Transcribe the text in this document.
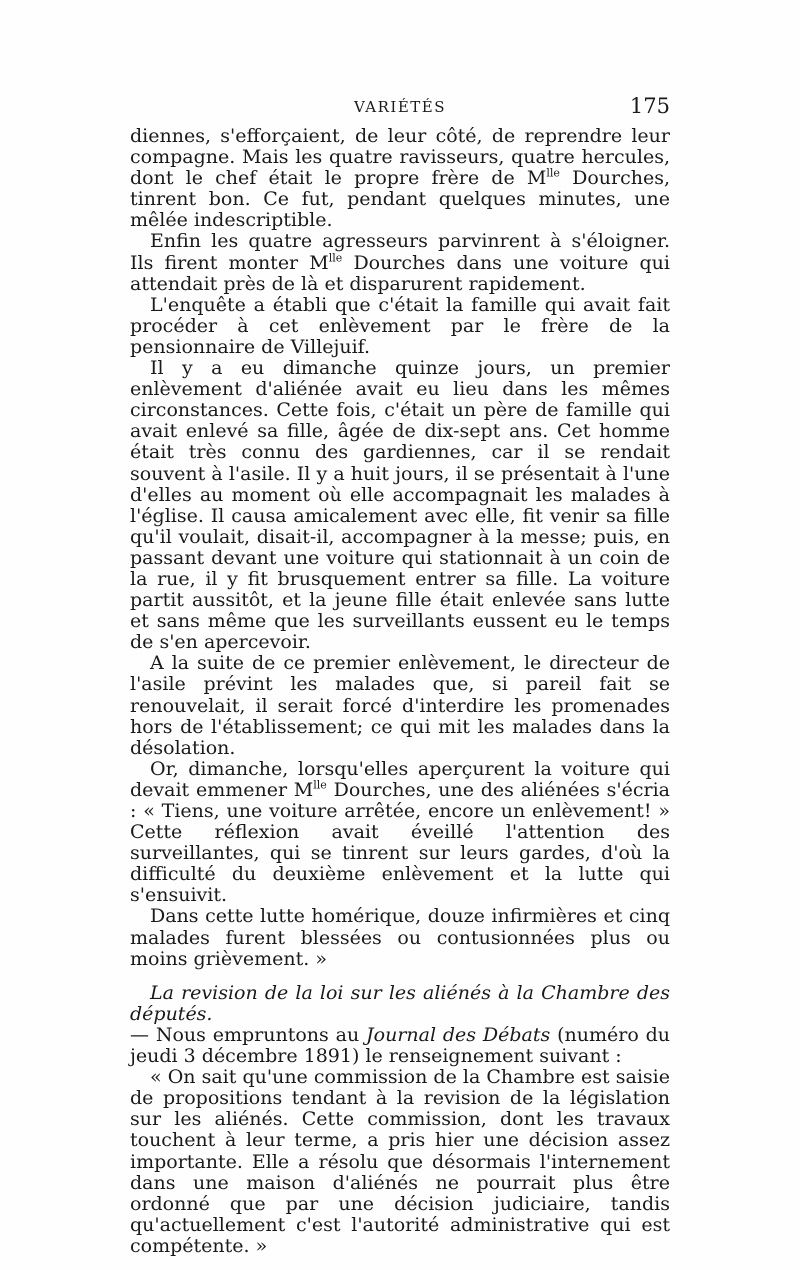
VARIÉTÉS	175

diennes, s'efforçaient, de leur côté, de reprendre leur compagne. Mais les quatre ravisseurs, quatre hercules, dont le chef était le propre frère de $M^{lle}$ Dourches, tinrent bon. Ce fut, pendant quelques minutes, une mêlée indescriptible.

Enfin les quatre agresseurs parvinrent à s'éloigner. Ils firent monter $M^{lle}$ Dourches dans une voiture qui attendait près de là et disparurent rapidement.

L'enquête a établi que c'était la famille qui avait fait procéder à cet enlèvement par le frère de la pensionnaire de Villejuif.

Il y a eu dimanche quinze jours, un premier enlèvement d'aliénée avait eu lieu dans les mêmes circonstances. Cette fois, c'était un père de famille qui avait enlevé sa fille, âgée de dix-sept ans. Cet homme était très connu des gardiennes, car il se rendait souvent à l'asile. Il y a huit jours, il se présentait à l'une d'elles au moment où elle accompagnait les malades à l'église. Il causa amicalement avec elle, fit venir sa fille qu'il voulait, disait-il, accompagner à la messe; puis, en passant devant une voiture qui stationnait à un coin de la rue, il y fit brusquement entrer sa fille. La voiture partit aussitôt, et la jeune fille était enlevée sans lutte et sans même que les surveillants eussent eu le temps de s'en apercevoir.

A la suite de ce premier enlèvement, le directeur de l'asile prévint les malades que, si pareil fait se renouvelait, il serait forcé d'interdire les promenades hors de l'établissement; ce qui mit les malades dans la désolation.

Or, dimanche, lorsqu'elles aperçurent la voiture qui devait emmener $M^{lle}$ Dourches, une des aliénées s'écria : « Tiens, une voiture arrêtée, encore un enlèvement! » Cette réflexion avait éveillé l'attention des surveillantes, qui se tinrent sur leurs gardes, d'où la difficulté du deuxième enlèvement et la lutte qui s'ensuivit.

Dans cette lutte homérique, douze infirmières et cinq malades furent blessées ou contusionnées plus ou moins grièvement. »

La revision de la loi sur les aliénés à la Chambre des députés.

— Nous empruntons au Journal des Débats (numéro du jeudi 3 décembre 1891) le renseignement suivant :

« On sait qu'une commission de la Chambre est saisie de propositions tendant à la revision de la législation sur les aliénés. Cette commission, dont les travaux touchent à leur terme, a pris hier une décision assez importante. Elle a résolu que désormais l'internement dans une maison d'aliénés ne pourrait plus être ordonné que par une décision judiciaire, tandis qu'actuellement c'est l'autorité administrative qui est compétente. »
